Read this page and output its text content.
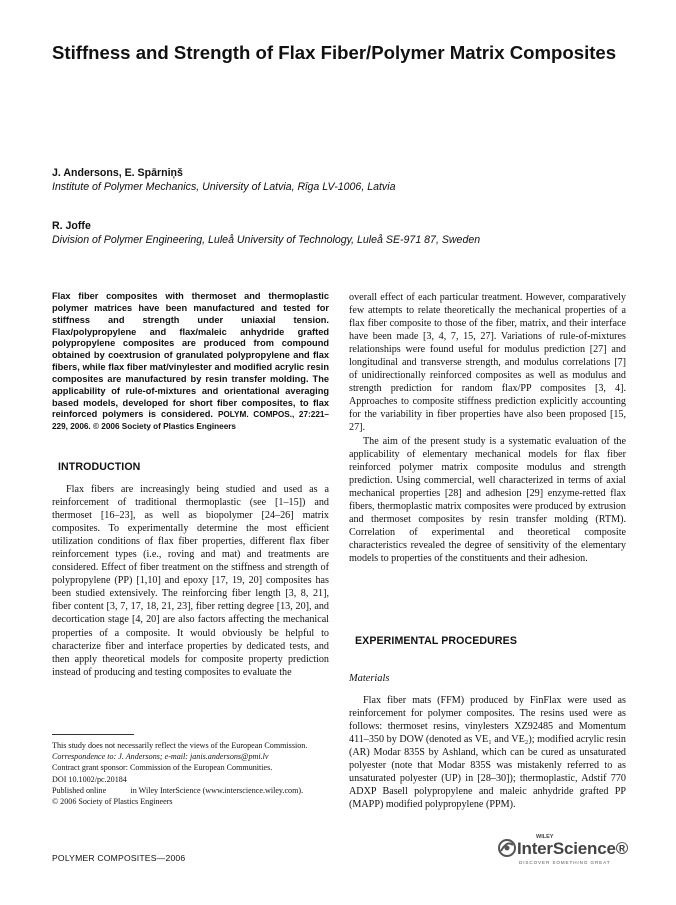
Stiffness and Strength of Flax Fiber/Polymer Matrix Composites

J. Andersons, E. Spārniņš

Institute of Polymer Mechanics, University of Latvia, Rīga LV-1006, Latvia

R. Joffe

Division of Polymer Engineering, Luleå University of Technology, Luleå SE-971 87, Sweden

Flax fiber composites with thermoset and thermoplastic polymer matrices have been manufactured and tested for stiffness and strength under uniaxial tension. Flax/polypropylene and flax/maleic anhydride grafted polypropylene composites are produced from compound obtained by coextrusion of granulated polypropylene and flax fibers, while flax fiber mat/vinylester and modified acrylic resin composites are manufactured by resin transfer molding. The applicability of rule-of-mixtures and orientational averaging based models, developed for short fiber composites, to flax reinforced polymers is considered. POLYM. COMPOS., 27:221–229, 2006. © 2006 Society of Plastics Engineers
INTRODUCTION

Flax fibers are increasingly being studied and used as a reinforcement of traditional thermoplastic (see [1–15]) and thermoset [16–23], as well as biopolymer [24–26] matrix composites. To experimentally determine the most efficient utilization conditions of flax fiber properties, different flax fiber reinforcement types (i.e., roving and mat) and treatments are considered. Effect of fiber treatment on the stiffness and strength of polypropylene (PP) [1,10] and epoxy [17, 19, 20] composites has been studied extensively. The reinforcing fiber length [3, 8, 21], fiber content [3, 7, 17, 18, 21, 23], fiber retting degree [13, 20], and decortication stage [4, 20] are also factors affecting the mechanical properties of a composite. It would obviously be helpful to characterize fiber and interface properties by dedicated tests, and then apply theoretical models for composite property prediction instead of producing and testing composites to evaluate the

This study does not necessarily reflect the views of the European Commission.
Correspondence to: J. Andersons; e-mail: janis.andersons@pmi.lv
Contract grant sponsor: Commission of the European Communities.
DOI 10.1002/pc.20184
Published online            in Wiley InterScience (www.interscience.wiley.com).
© 2006 Society of Plastics Engineers

overall effect of each particular treatment. However, comparatively few attempts to relate theoretically the mechanical properties of a flax fiber composite to those of the fiber, matrix, and their interface have been made [3, 4, 7, 15, 27]. Variations of rule-of-mixtures relationships were found useful for modulus prediction [27] and longitudinal and transverse strength, and modulus correlations [7] of unidirectionally reinforced composites as well as modulus and strength prediction for random flax/PP composites [3, 4]. Approaches to composite stiffness prediction explicitly accounting for the variability in fiber properties have also been proposed [15, 27].

The aim of the present study is a systematic evaluation of the applicability of elementary mechanical models for flax fiber reinforced polymer matrix composite modulus and strength prediction. Using commercial, well characterized in terms of axial mechanical properties [28] and adhesion [29] enzyme-retted flax fibers, thermoplastic matrix composites were produced by extrusion and thermoset composites by resin transfer molding (RTM). Correlation of experimental and theoretical composite characteristics revealed the degree of sensitivity of the elementary models to properties of the constituents and their adhesion.

EXPERIMENTAL PROCEDURES
Materials

Flax fiber mats (FFM) produced by FinFlax were used as reinforcement for polymer composites. The resins used were as follows: thermoset resins, vinylesters XZ92485 and Momentum 411–350 by DOW (denoted as VE₁ and VE₂); modified acrylic resin (AR) Modar 835S by Ashland, which can be cured as unsaturated polyester (note that Modar 835S was mistakenly referred to as unsaturated polyester (UP) in [28–30]); thermoplastic, Adstif 770 ADXP Basell polypropylene and maleic anhydride grafted PP (MAPP) modified polypropylene (PPM).

POLYMER COMPOSITES—2006
WILEY
InterScience®
DISCOVER SOMETHING GREAT
